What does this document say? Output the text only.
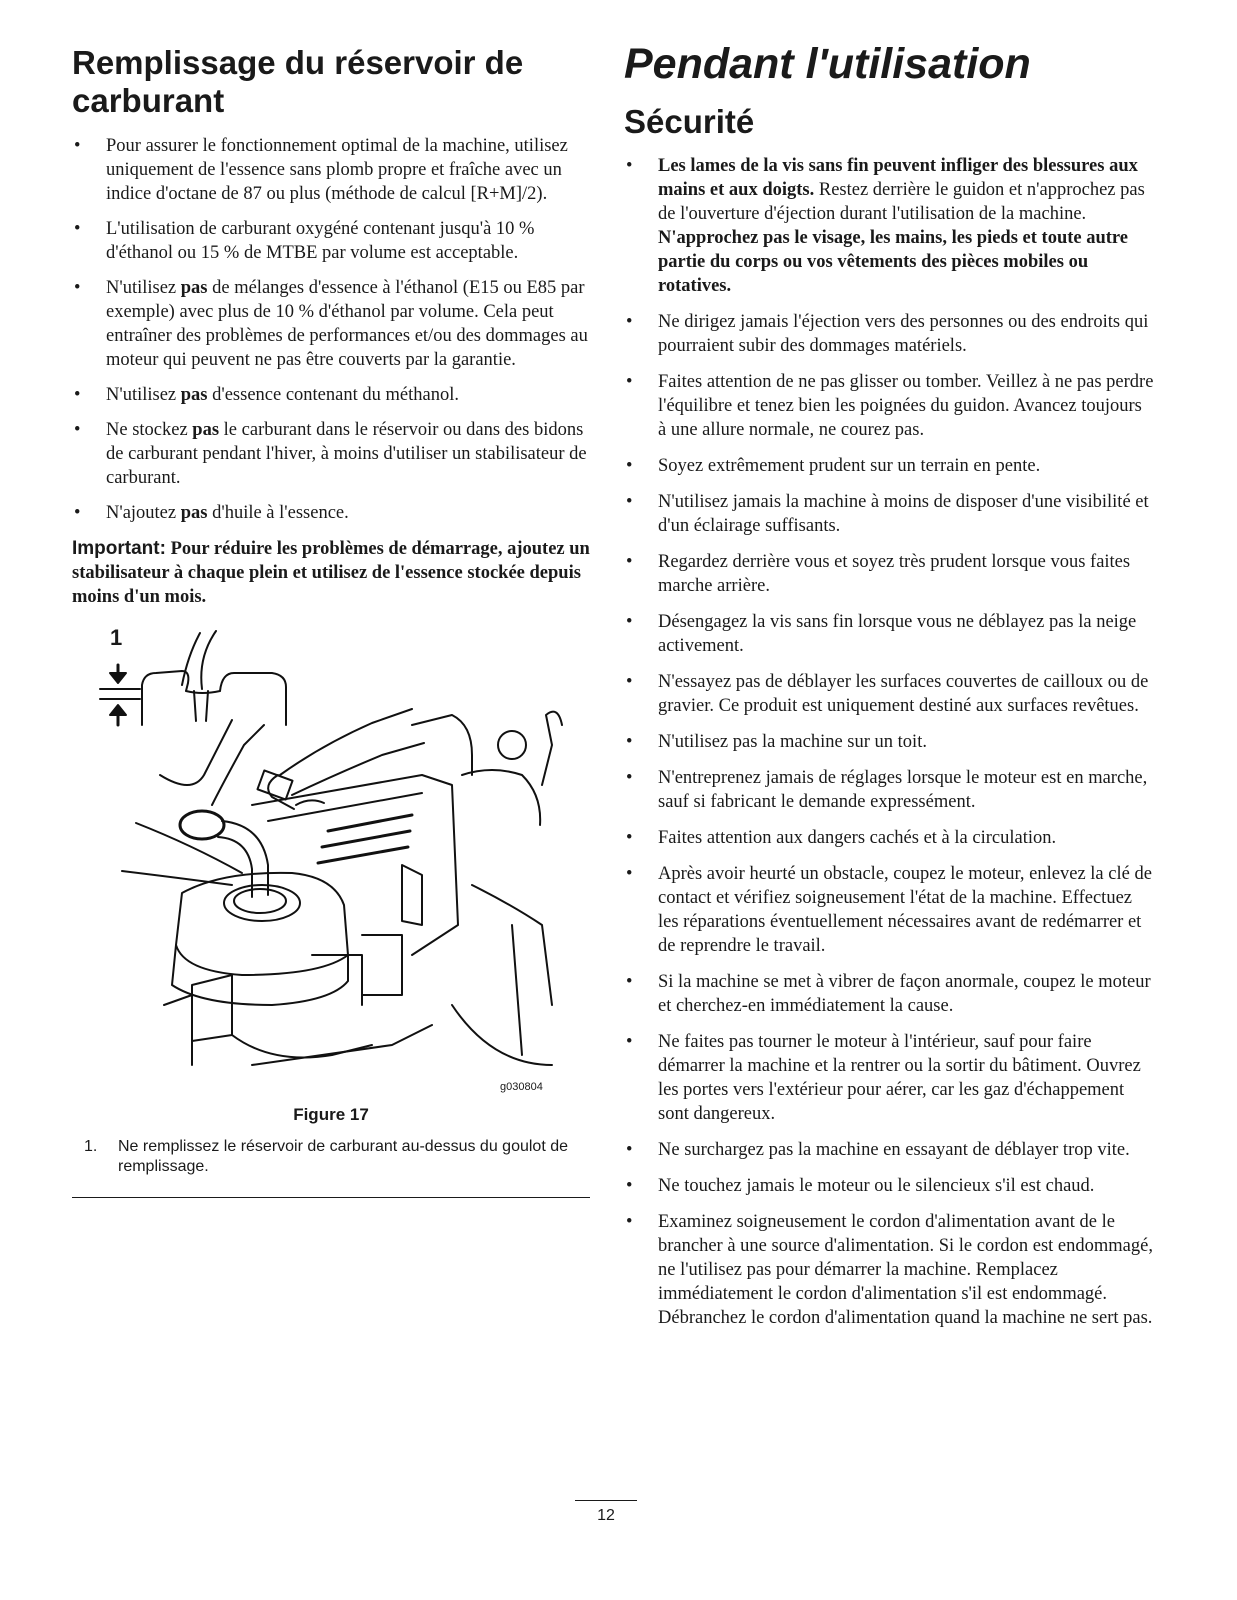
Remplissage du réservoir de carburant
• Pour assurer le fonctionnement optimal de la machine, utilisez uniquement de l'essence sans plomb propre et fraîche avec un indice d'octane de 87 ou plus (méthode de calcul [R+M]/2).
• L'utilisation de carburant oxygéné contenant jusqu'à 10 % d'éthanol ou 15 % de MTBE par volume est acceptable.
• N'utilisez pas de mélanges d'essence à l'éthanol (E15 ou E85 par exemple) avec plus de 10 % d'éthanol par volume. Cela peut entraîner des problèmes de performances et/ou des dommages au moteur qui peuvent ne pas être couverts par la garantie.
• N'utilisez pas d'essence contenant du méthanol.
• Ne stockez pas le carburant dans le réservoir ou dans des bidons de carburant pendant l'hiver, à moins d'utiliser un stabilisateur de carburant.
• N'ajoutez pas d'huile à l'essence.

Important: Pour réduire les problèmes de démarrage, ajoutez un stabilisateur à chaque plein et utilisez de l'essence stockée depuis moins d'un mois.

1
g030804
Figure 17
1.	Ne remplissez le réservoir de carburant au-dessus du goulot de remplissage.
Pendant l'utilisation
Sécurité
• Les lames de la vis sans fin peuvent infliger des blessures aux mains et aux doigts. Restez derrière le guidon et n'approchez pas de l'ouverture d'éjection durant l'utilisation de la machine. N'approchez pas le visage, les mains, les pieds et toute autre partie du corps ou vos vêtements des pièces mobiles ou rotatives.
• Ne dirigez jamais l'éjection vers des personnes ou des endroits qui pourraient subir des dommages matériels.
• Faites attention de ne pas glisser ou tomber. Veillez à ne pas perdre l'équilibre et tenez bien les poignées du guidon. Avancez toujours à une allure normale, ne courez pas.
• Soyez extrêmement prudent sur un terrain en pente.
• N'utilisez jamais la machine à moins de disposer d'une visibilité et d'un éclairage suffisants.
• Regardez derrière vous et soyez très prudent lorsque vous faites marche arrière.
• Désengagez la vis sans fin lorsque vous ne déblayez pas la neige activement.
• N'essayez pas de déblayer les surfaces couvertes de cailloux ou de gravier. Ce produit est uniquement destiné aux surfaces revêtues.
• N'utilisez pas la machine sur un toit.
• N'entreprenez jamais de réglages lorsque le moteur est en marche, sauf si fabricant le demande expressément.
• Faites attention aux dangers cachés et à la circulation.
• Après avoir heurté un obstacle, coupez le moteur, enlevez la clé de contact et vérifiez soigneusement l'état de la machine. Effectuez les réparations éventuellement nécessaires avant de redémarrer et de reprendre le travail.
• Si la machine se met à vibrer de façon anormale, coupez le moteur et cherchez-en immédiatement la cause.
• Ne faites pas tourner le moteur à l'intérieur, sauf pour faire démarrer la machine et la rentrer ou la sortir du bâtiment. Ouvrez les portes vers l'extérieur pour aérer, car les gaz d'échappement sont dangereux.
• Ne surchargez pas la machine en essayant de déblayer trop vite.
• Ne touchez jamais le moteur ou le silencieux s'il est chaud.
• Examinez soigneusement le cordon d'alimentation avant de le brancher à une source d'alimentation. Si le cordon est endommagé, ne l'utilisez pas pour démarrer la machine. Remplacez immédiatement le cordon d'alimentation s'il est endommagé. Débranchez le cordon d'alimentation quand la machine ne sert pas.
12
